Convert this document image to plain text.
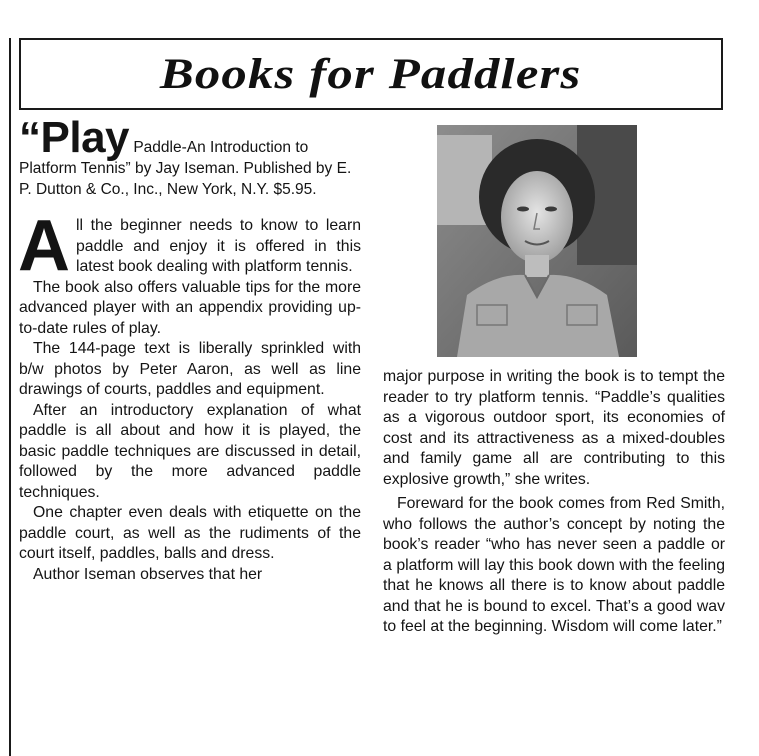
Books for Paddlers

“Play Paddle-An Introduction to Platform Tennis” by Jay Iseman. Published by E. P. Dutton & Co., Inc., New York, N.Y. $5.95.

All the beginner needs to know to learn paddle and enjoy it is offered in this latest book dealing with platform tennis.

The book also offers valuable tips for the more advanced player with an appendix providing up-to-date rules of play.

The 144-page text is liberally sprinkled with b/w photos by Peter Aaron, as well as line drawings of courts, paddles and equipment.

After an introductory explanation of what paddle is all about and how it is played, the basic paddle techniques are discussed in detail, followed by the more advanced paddle techniques.

One chapter even deals with etiquette on the paddle court, as well as the rudiments of the court itself, paddles, balls and dress.

Author Iseman observes that her

major purpose in writing the book is to tempt the reader to try platform tennis. “Paddle’s qualities as a vigorous outdoor sport, its economies of cost and its attractiveness as a mixed-doubles and family game all are contributing to this explosive growth,” she writes.

Foreward for the book comes from Red Smith, who follows the author’s concept by noting the book’s reader “who has never seen a paddle or a platform will lay this book down with the feeling that he knows all there is to know about paddle and that he is bound to excel. That’s a good wav to feel at the beginning. Wisdom will come later.”
